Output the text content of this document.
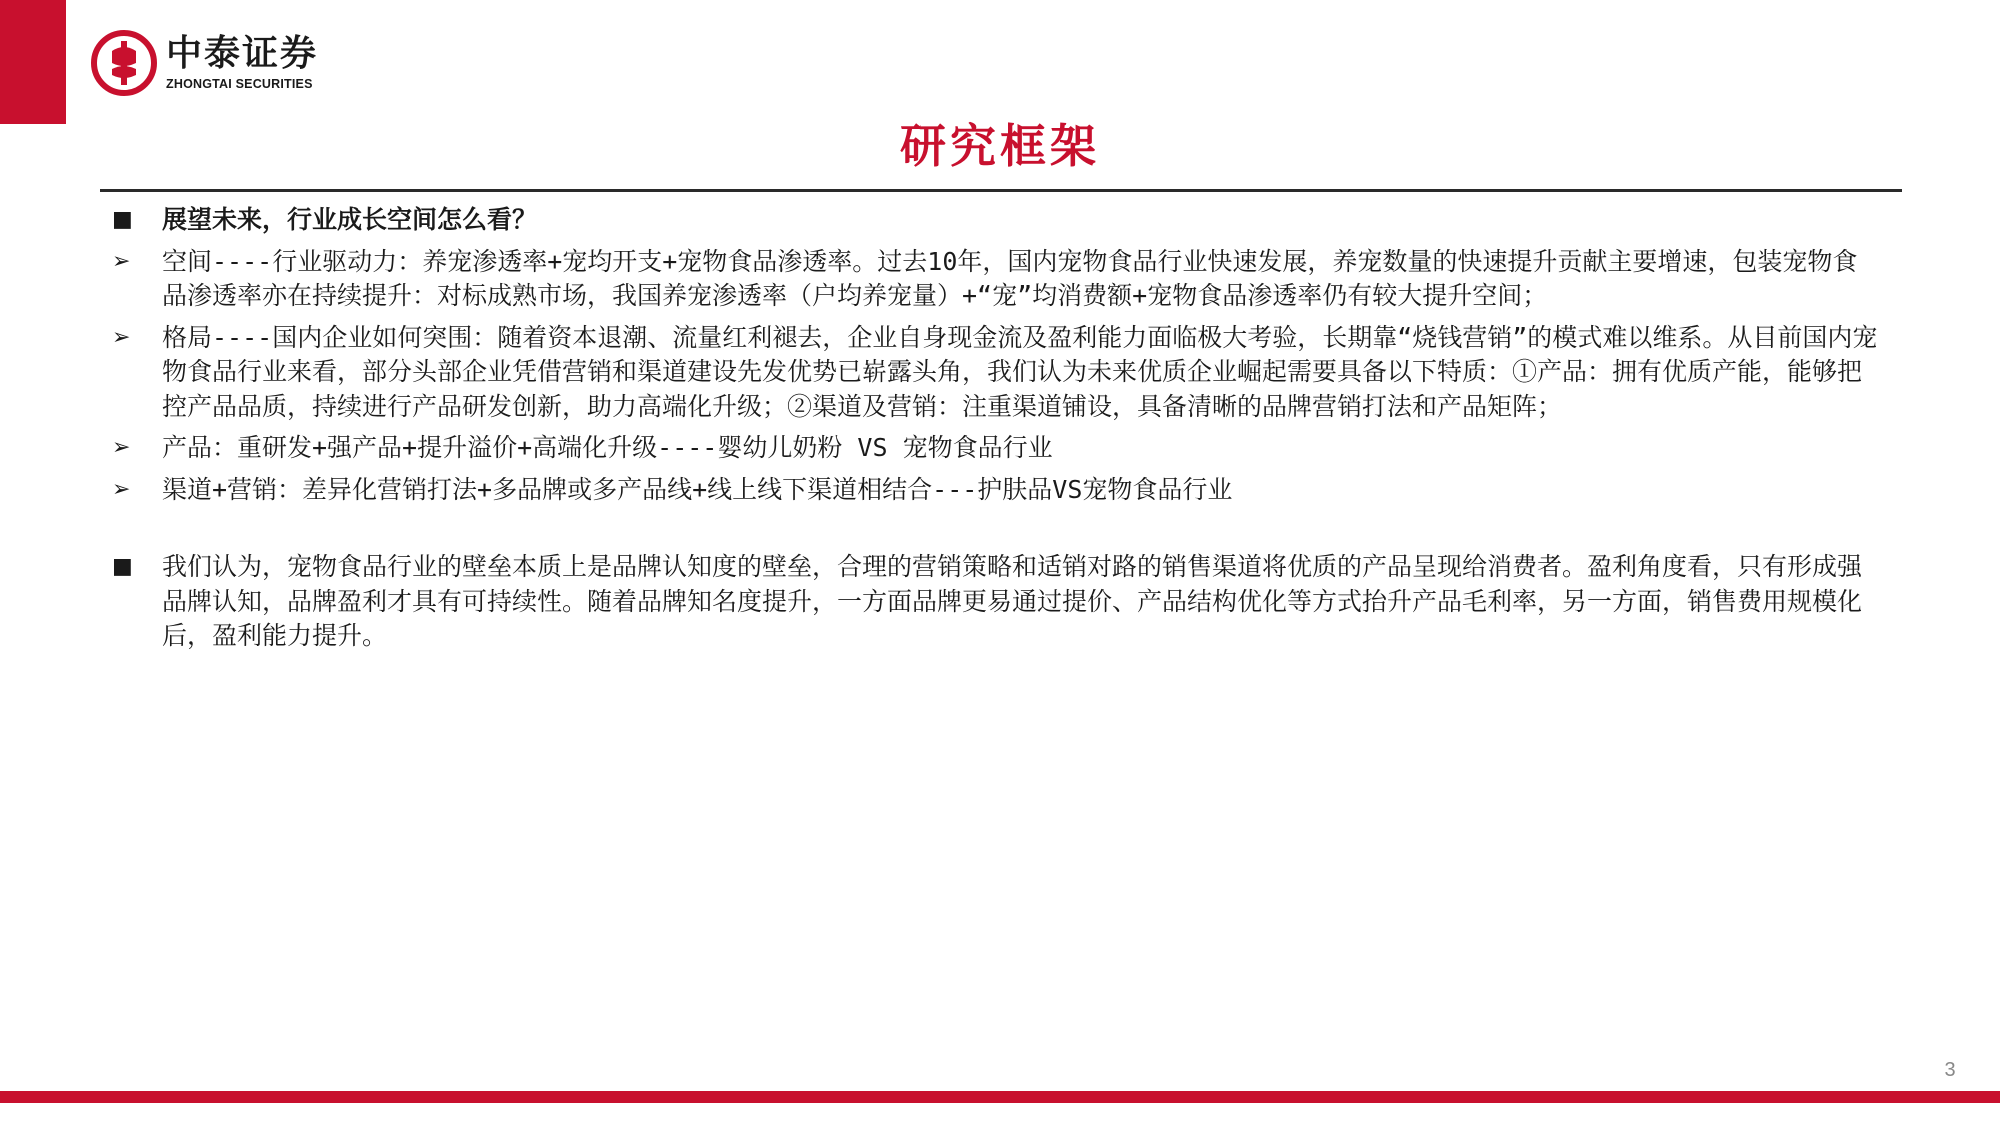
中泰证券
ZHONGTAI SECURITIES
研究框架
■	展望未来，行业成长空间怎么看？
➢	空间----行业驱动力：养宠渗透率+宠均开支+宠物食品渗透率。过去10年，国内宠物食品行业快速发展，养宠数量的快速提升贡献主要增速，包装宠物食品渗透率亦在持续提升：对标成熟市场，我国养宠渗透率（户均养宠量）+“宠”均消费额+宠物食品渗透率仍有较大提升空间；
➢	格局----国内企业如何突围：随着资本退潮、流量红利褪去，企业自身现金流及盈利能力面临极大考验，长期靠“烧钱营销”的模式难以维系。从目前国内宠物食品行业来看，部分头部企业凭借营销和渠道建设先发优势已崭露头角，我们认为未来优质企业崛起需要具备以下特质：①产品：拥有优质产能，能够把控产品品质，持续进行产品研发创新，助力高端化升级；②渠道及营销：注重渠道铺设，具备清晰的品牌营销打法和产品矩阵；
➢	产品：重研发+强产品+提升溢价+高端化升级----婴幼儿奶粉 VS 宠物食品行业
➢	渠道+营销：差异化营销打法+多品牌或多产品线+线上线下渠道相结合---护肤品VS宠物食品行业
■	我们认为，宠物食品行业的壁垒本质上是品牌认知度的壁垒，合理的营销策略和适销对路的销售渠道将优质的产品呈现给消费者。盈利角度看，只有形成强品牌认知，品牌盈利才具有可持续性。随着品牌知名度提升，一方面品牌更易通过提价、产品结构优化等方式抬升产品毛利率，另一方面，销售费用规模化后，盈利能力提升。
3
